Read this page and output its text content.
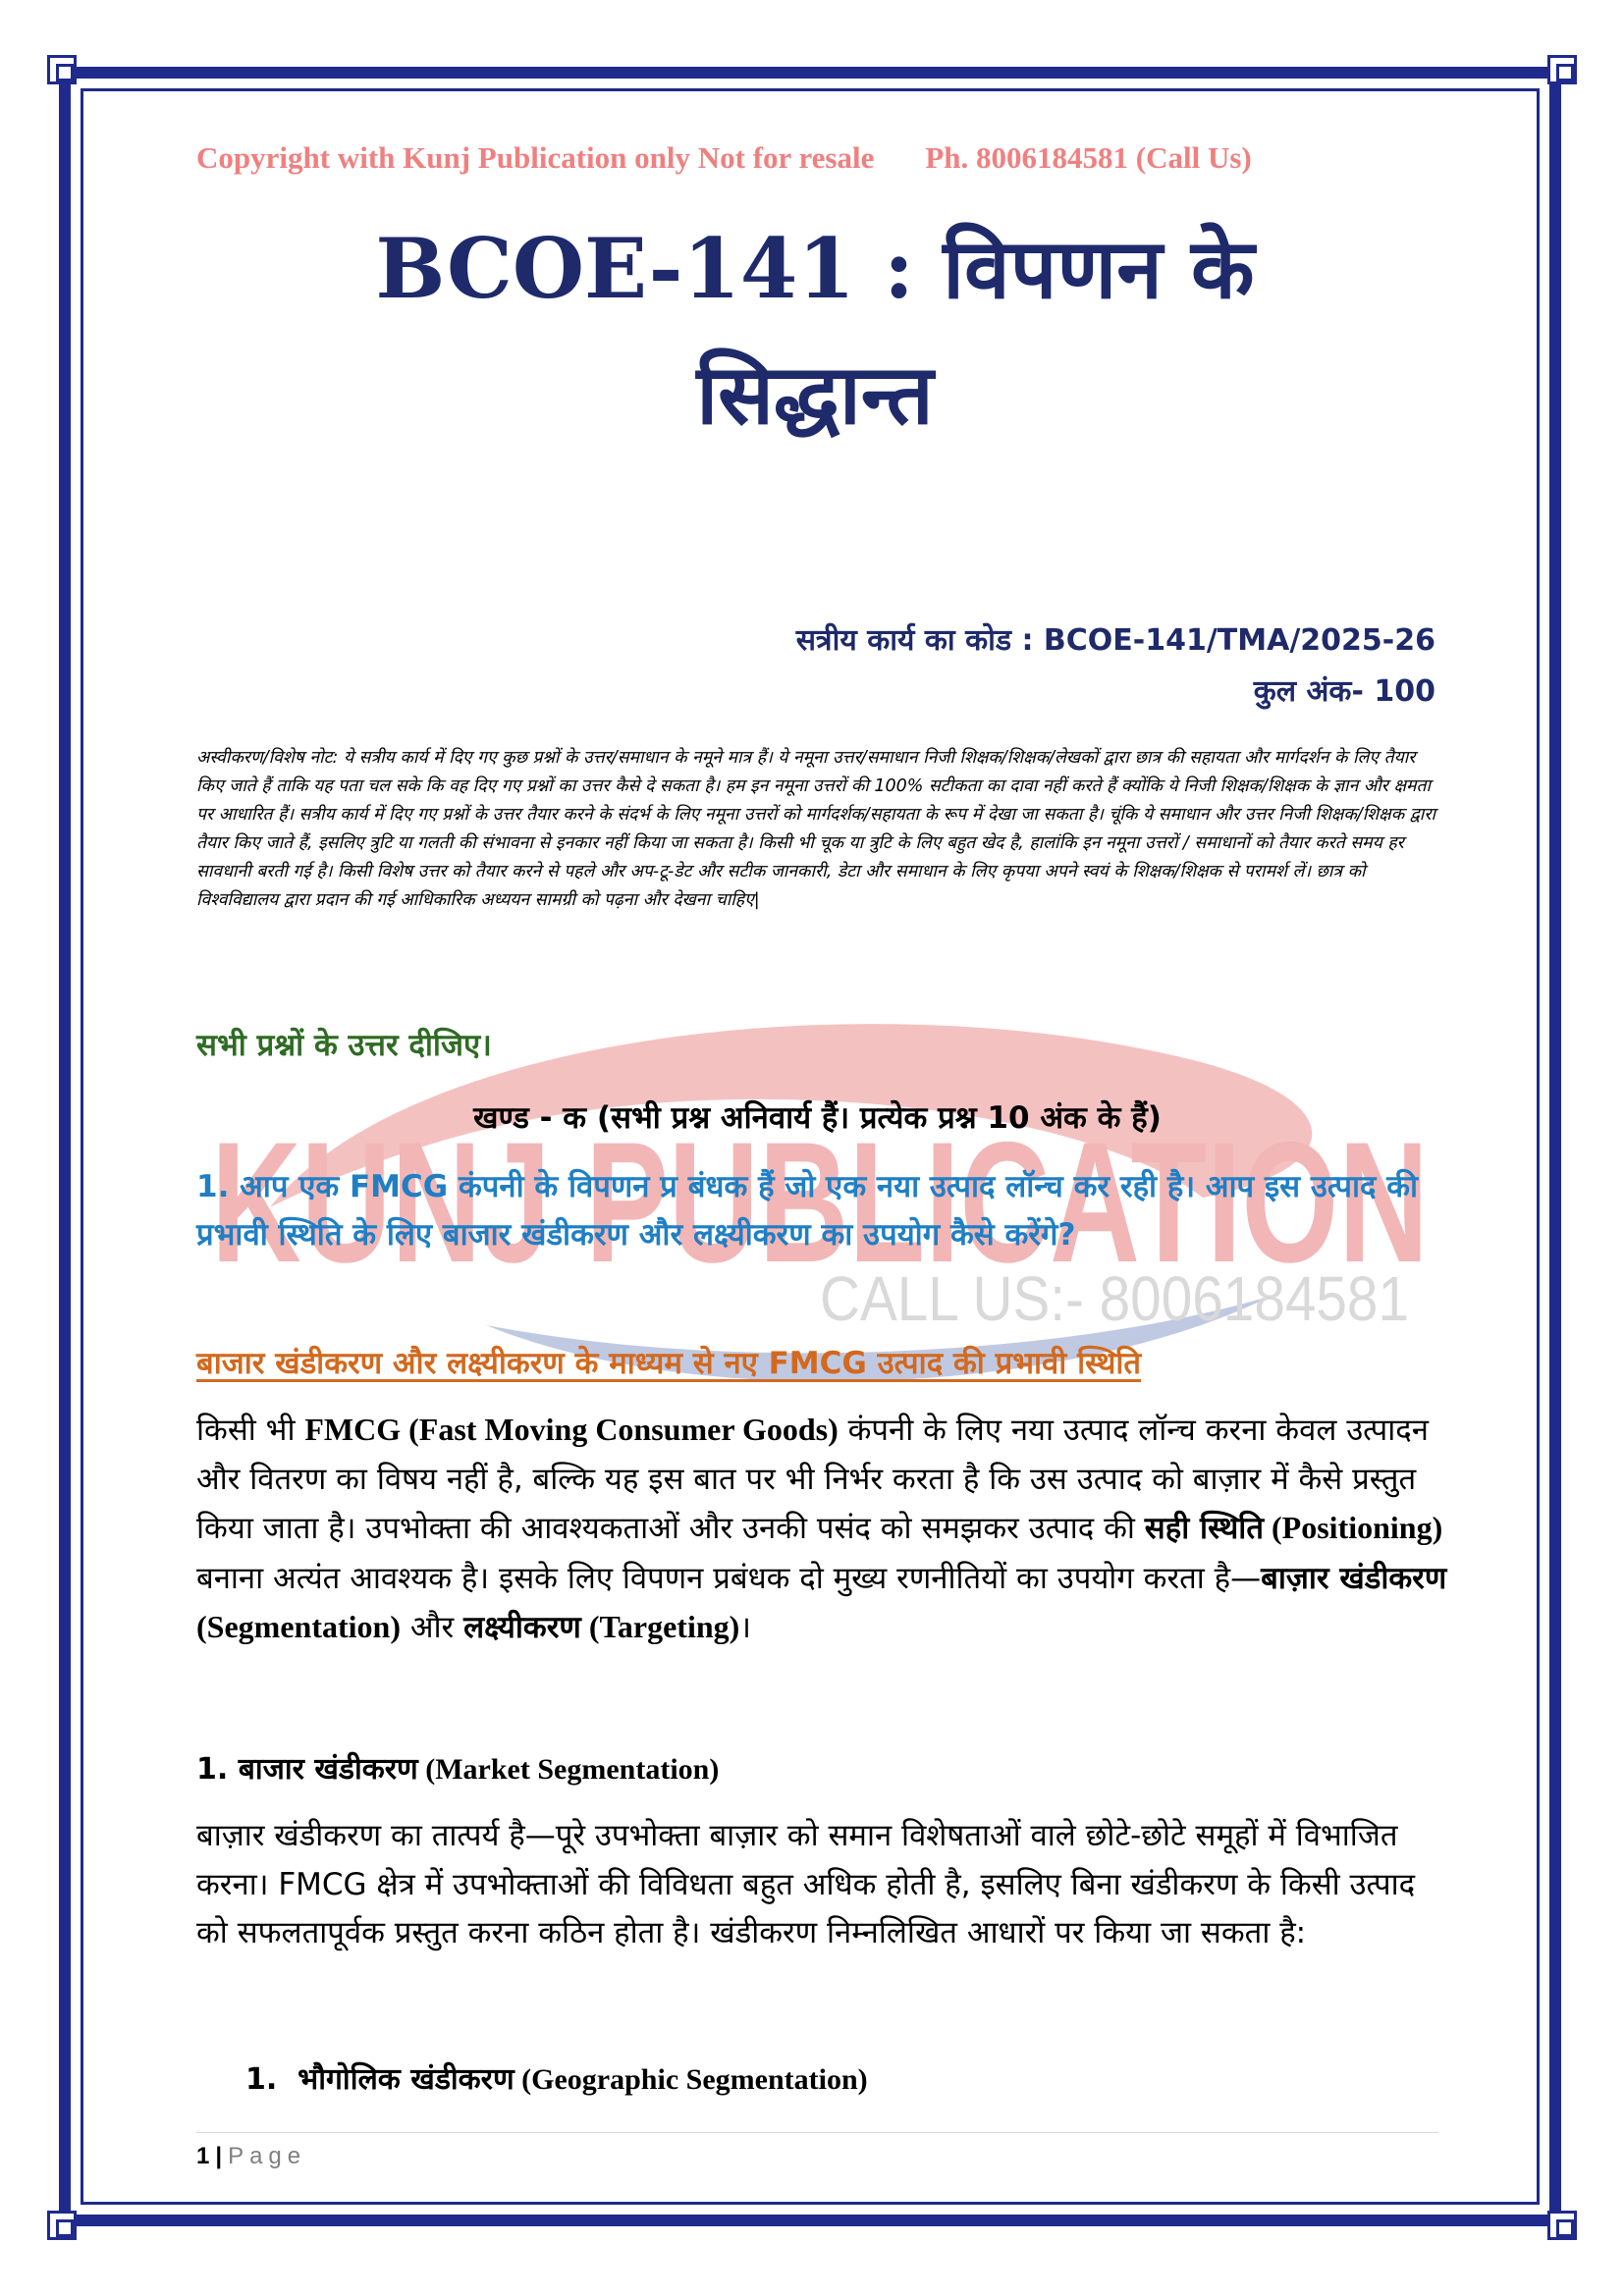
KUNJ PUBLICATION
CALL US:- 8006184581
Copyright with Kunj Publication only Not for resale Ph. 8006184581 (Call Us)
BCOE-141 : विपणन के
सिद्धान्त
सत्रीय कार्य का कोड : BCOE-141/TMA/2025-26
कुल अंक- 100
अस्वीकरण/विशेष नोट: ये सत्रीय कार्य में दिए गए कुछ प्रश्नों के उत्तर/समाधान के नमूने मात्र हैं। ये नमूना उत्तर/समाधान निजी शिक्षक/शिक्षक/लेखकों द्वारा छात्र की सहायता और मार्गदर्शन के लिए तैयार किए जाते हैं ताकि यह पता चल सके कि वह दिए गए प्रश्नों का उत्तर कैसे दे सकता है। हम इन नमूना उत्तरों की 100% सटीकता का दावा नहीं करते हैं क्योंकि ये निजी शिक्षक/शिक्षक के ज्ञान और क्षमता पर आधारित हैं। सत्रीय कार्य में दिए गए प्रश्नों के उत्तर तैयार करने के संदर्भ के लिए नमूना उत्तरों को मार्गदर्शक/सहायता के रूप में देखा जा सकता है। चूंकि ये समाधान और उत्तर निजी शिक्षक/शिक्षक द्वारा तैयार किए जाते हैं, इसलिए त्रुटि या गलती की संभावना से इनकार नहीं किया जा सकता है। किसी भी चूक या त्रुटि के लिए बहुत खेद है, हालांकि इन नमूना उत्तरों / समाधानों को तैयार करते समय हर सावधानी बरती गई है। किसी विशेष उत्तर को तैयार करने से पहले और अप-टू-डेट और सटीक जानकारी, डेटा और समाधान के लिए कृपया अपने स्वयं के शिक्षक/शिक्षक से परामर्श लें। छात्र को विश्वविद्यालय द्वारा प्रदान की गई आधिकारिक अध्ययन सामग्री को पढ़ना और देखना चाहिए|
सभी प्रश्नों के उत्तर दीजिए।
खण्ड - क (सभी प्रश्न अनिवार्य हैं। प्रत्येक प्रश्न 10 अंक के हैं)
1. आप एक FMCG कंपनी के विपणन प्र बंधक हैं जो एक नया उत्पाद लॉन्च कर रही है। आप इस उत्पाद की प्रभावी स्थिति के लिए बाजार खंडीकरण और लक्ष्यीकरण का उपयोग कैसे करेंगे?
बाजार खंडीकरण और लक्ष्यीकरण के माध्यम से नए FMCG उत्पाद की प्रभावी स्थिति
किसी भी FMCG (Fast Moving Consumer Goods) कंपनी के लिए नया उत्पाद लॉन्च करना केवल उत्पादन और वितरण का विषय नहीं है, बल्कि यह इस बात पर भी निर्भर करता है कि उस उत्पाद को बाज़ार में कैसे प्रस्तुत किया जाता है। उपभोक्ता की आवश्यकताओं और उनकी पसंद को समझकर उत्पाद की सही स्थिति (Positioning) बनाना अत्यंत आवश्यक है। इसके लिए विपणन प्रबंधक दो मुख्य रणनीतियों का उपयोग करता है—बाज़ार खंडीकरण (Segmentation) और लक्ष्यीकरण (Targeting)।
1. बाजार खंडीकरण (Market Segmentation)
बाज़ार खंडीकरण का तात्पर्य है—पूरे उपभोक्ता बाज़ार को समान विशेषताओं वाले छोटे-छोटे समूहों में विभाजित करना। FMCG क्षेत्र में उपभोक्ताओं की विविधता बहुत अधिक होती है, इसलिए बिना खंडीकरण के किसी उत्पाद को सफलतापूर्वक प्रस्तुत करना कठिन होता है। खंडीकरण निम्नलिखित आधारों पर किया जा सकता है:
1. भौगोलिक खंडीकरण (Geographic Segmentation)
1 | Page
